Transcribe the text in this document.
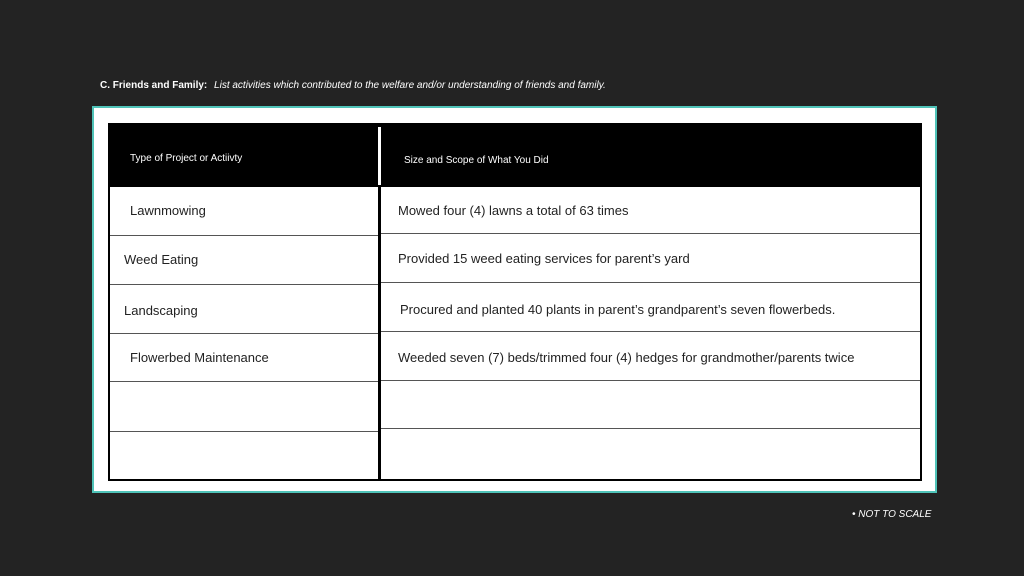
C. Friends and Family: List activities which contributed to the welfare and/or understanding of friends and family.
Type of Project or Actiivty	Size and Scope of What You Did
Lawnmowing	Mowed four (4) lawns a total of 63 times
Weed Eating	Provided 15 weed eating services for parent’s yard
Landscaping	Procured and planted 40 plants in parent’s grandparent’s seven flowerbeds.
Flowerbed Maintenance	Weeded seven (7) beds/trimmed four (4) hedges for grandmother/parents twice
• NOT TO SCALE
